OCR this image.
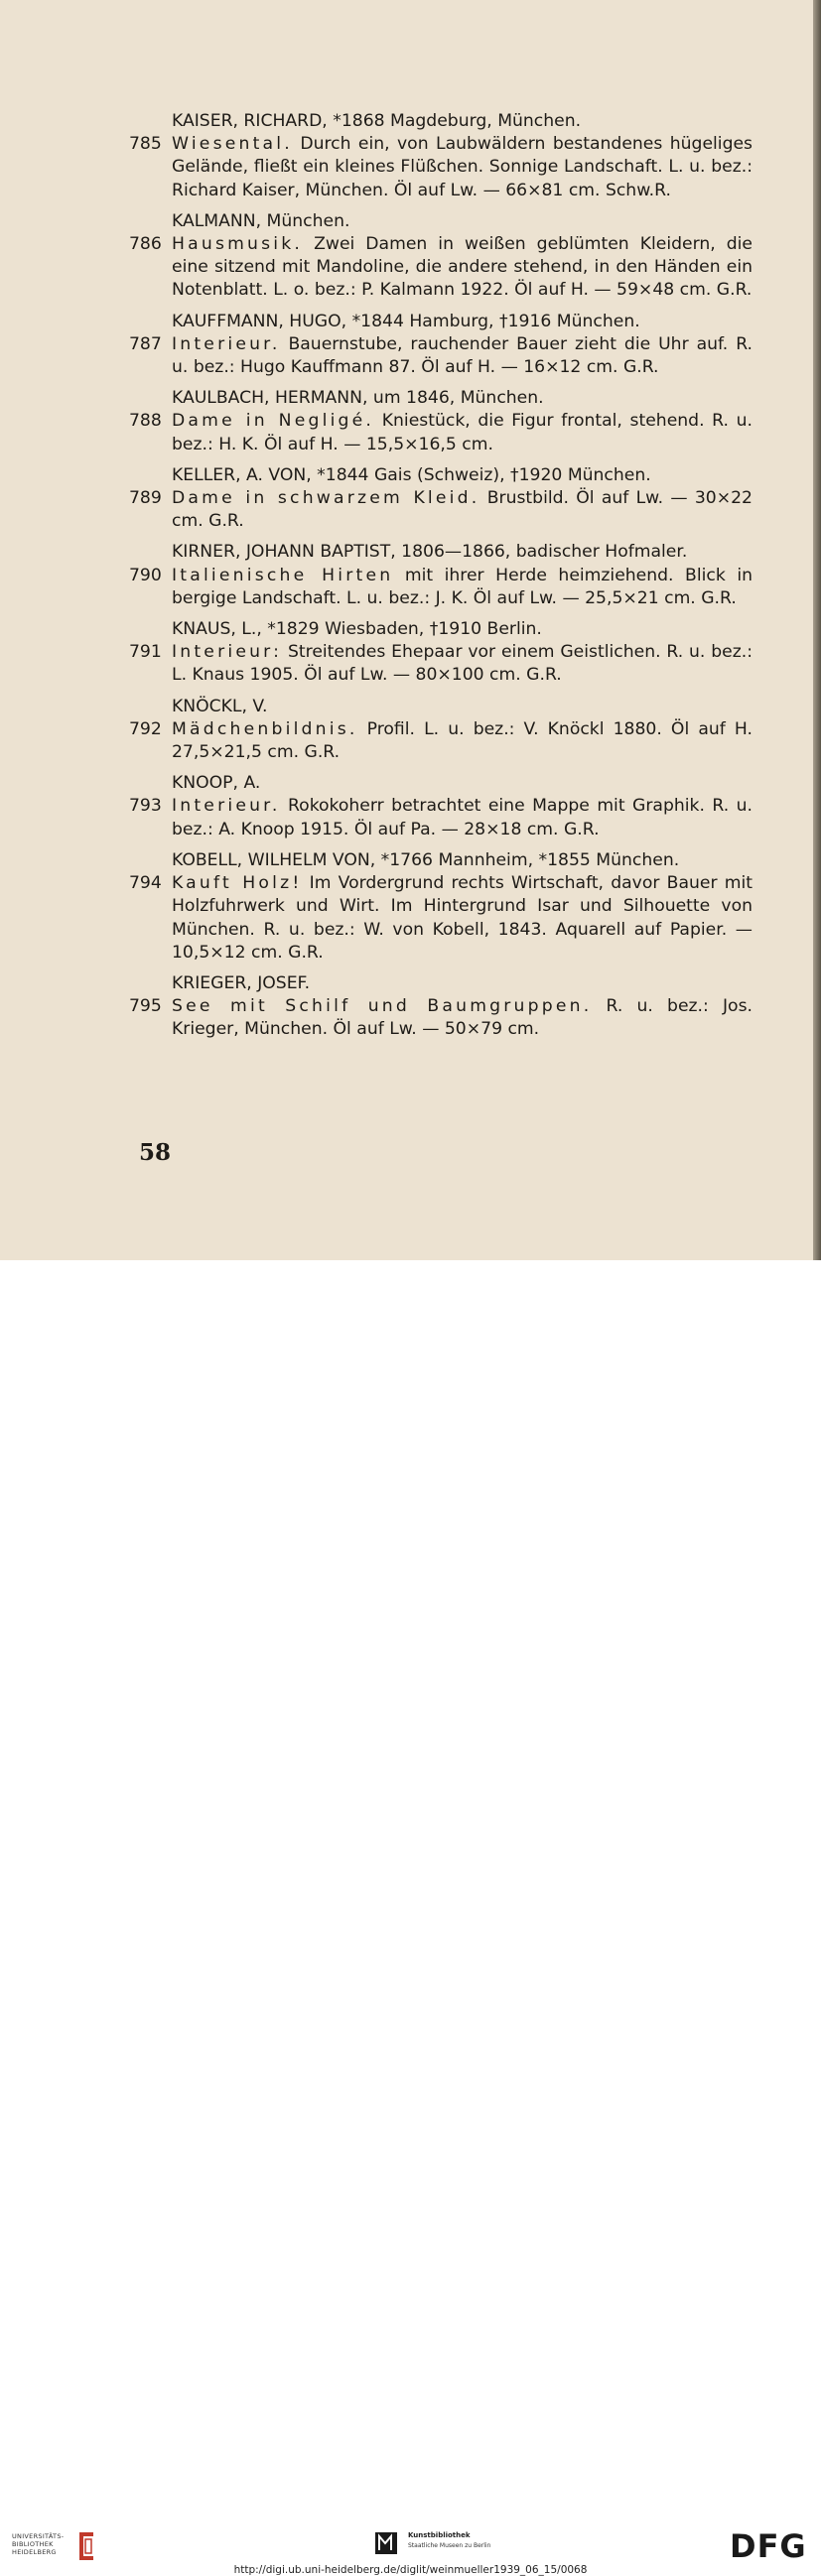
KAISER, RICHARD, *1868 Magdeburg, München.
785 Wiesental. Durch ein, von Laubwäldern bestandenes hügeliges Gelände, fließt ein kleines Flüßchen. Sonnige Landschaft. L. u. bez.: Richard Kaiser, München. Öl auf Lw. — 66×81 cm. Schw.R.
KALMANN, München.
786 Hausmusik. Zwei Damen in weißen geblümten Kleidern, die eine sitzend mit Mandoline, die andere stehend, in den Händen ein Notenblatt. L. o. bez.: P. Kalmann 1922. Öl auf H. — 59×48 cm. G.R.
KAUFFMANN, HUGO, *1844 Hamburg, †1916 München.
787 Interieur. Bauernstube, rauchender Bauer zieht die Uhr auf. R. u. bez.: Hugo Kauffmann 87. Öl auf H. — 16×12 cm. G.R.
KAULBACH, HERMANN, um 1846, München.
788 Dame in Negligé. Kniestück, die Figur frontal, stehend. R. u. bez.: H. K. Öl auf H. — 15,5×16,5 cm.
KELLER, A. VON, *1844 Gais (Schweiz), †1920 München.
789 Dame in schwarzem Kleid. Brustbild. Öl auf Lw. — 30×22 cm. G.R.
KIRNER, JOHANN BAPTIST, 1806—1866, badischer Hofmaler.
790 Italienische Hirten mit ihrer Herde heimziehend. Blick in bergige Landschaft. L. u. bez.: J. K. Öl auf Lw. — 25,5×21 cm. G.R.
KNAUS, L., *1829 Wiesbaden, †1910 Berlin.
791 Interieur: Streitendes Ehepaar vor einem Geistlichen. R. u. bez.: L. Knaus 1905. Öl auf Lw. — 80×100 cm. G.R.
KNÖCKL, V.
792 Mädchenbildnis. Profil. L. u. bez.: V. Knöckl 1880. Öl auf H. 27,5×21,5 cm. G.R.
KNOOP, A.
793 Interieur. Rokokoherr betrachtet eine Mappe mit Graphik. R. u. bez.: A. Knoop 1915. Öl auf Pa. — 28×18 cm. G.R.
KOBELL, WILHELM VON, *1766 Mannheim, *1855 München.
794 Kauft Holz! Im Vordergrund rechts Wirtschaft, davor Bauer mit Holzfuhrwerk und Wirt. Im Hintergrund Isar und Silhouette von München. R. u. bez.: W. von Kobell, 1843. Aquarell auf Papier. — 10,5×12 cm. G.R.
KRIEGER, JOSEF.
795 See mit Schilf und Baumgruppen. R. u. bez.: Jos. Krieger, München. Öl auf Lw. — 50×79 cm.
58
UNIVERSITÄTS-BIBLIOTHEK HEIDELBERG
Kunstbibliothek
Staatliche Museen zu Berlin	DFG
http://digi.ub.uni-heidelberg.de/diglit/weinmueller1939_06_15/0068
